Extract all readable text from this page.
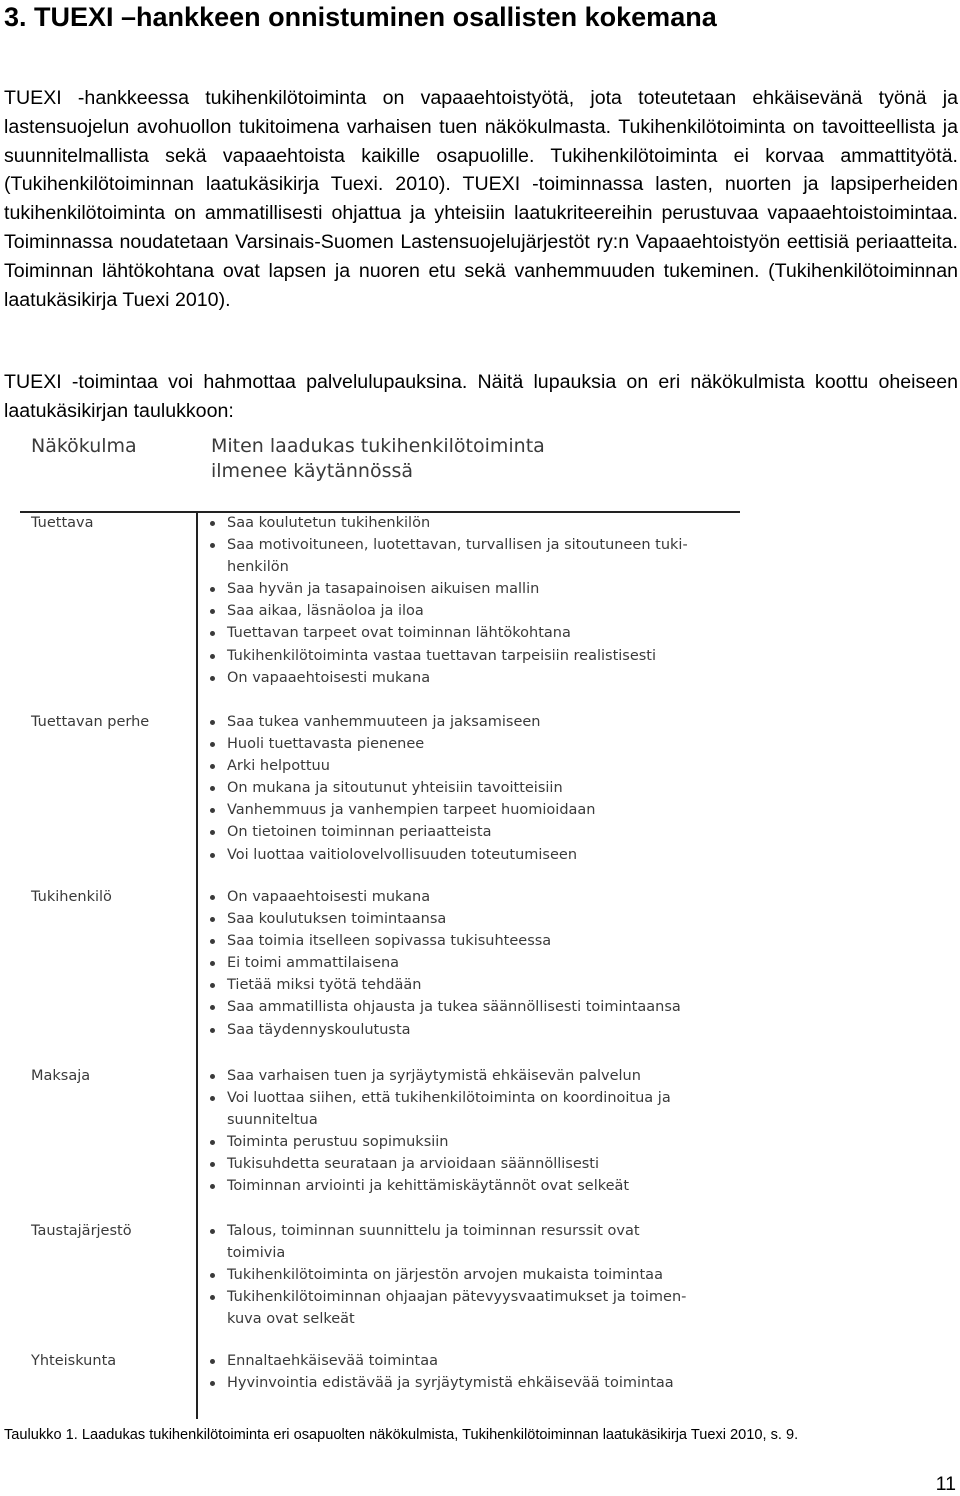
3. TUEXI –hankkeen onnistuminen osallisten kokemana

TUEXI -hankkeessa tukihenkilötoiminta on vapaaehtoistyötä, jota toteutetaan ehkäisevänä työnä ja lastensuojelun avohuollon tukitoimena varhaisen tuen näkökulmasta. Tukihenkilötoiminta on tavoitteellista ja suunnitelmallista sekä vapaaehtoista kaikille osapuolille. Tukihenkilötoiminta ei korvaa ammattityötä. (Tukihenkilötoiminnan laatukäsikirja Tuexi. 2010). TUEXI -toiminnassa lasten, nuorten ja lapsiperheiden tukihenkilötoiminta on ammatillisesti ohjattua ja yhteisiin laatukriteereihin perustuvaa vapaaehtoistoimintaa. Toiminnassa noudatetaan Varsinais-Suomen Lastensuojelujärjestöt ry:n Vapaaehtoistyön eettisiä periaatteita. Toiminnan lähtökohtana ovat lapsen ja nuoren etu sekä vanhemmuuden tukeminen. (Tukihenkilötoiminnan laatukäsikirja Tuexi 2010).

TUEXI -toimintaa voi hahmottaa palvelulupauksina. Näitä lupauksia on eri näkökulmista koottu oheiseen laatukäsikirjan taulukkoon:

Näkökulma	Miten laadukas tukihenkilötoiminta ilmenee käytännössä
Tuettava	Saa koulutetun tukihenkilön
Saa motivoituneen, luotettavan, turvallisen ja sitoutuneen tukihenkilön
Saa hyvän ja tasapainoisen aikuisen mallin
Saa aikaa, läsnäoloa ja iloa
Tuettavan tarpeet ovat toiminnan lähtökohtana
Tukihenkilötoiminta vastaa tuettavan tarpeisiin realistisesti
On vapaaehtoisesti mukana
Tuettavan perhe	Saa tukea vanhemmuuteen ja jaksamiseen
Huoli tuettavasta pienenee
Arki helpottuu
On mukana ja sitoutunut yhteisiin tavoitteisiin
Vanhemmuus ja vanhempien tarpeet huomioidaan
On tietoinen toiminnan periaatteista
Voi luottaa vaitiolovelvollisuuden toteutumiseen
Tukihenkilö	On vapaaehtoisesti mukana
Saa koulutuksen toimintaansa
Saa toimia itselleen sopivassa tukisuhteessa
Ei toimi ammattilaisena
Tietää miksi työtä tehdään
Saa ammatillista ohjausta ja tukea säännöllisesti toimintaansa
Saa täydennyskoulutusta
Maksaja	Saa varhaisen tuen ja syrjäytymistä ehkäisevän palvelun
Voi luottaa siihen, että tukihenkilötoiminta on koordinoitua ja suunniteltua
Toiminta perustuu sopimuksiin
Tukisuhdetta seurataan ja arvioidaan säännöllisesti
Toiminnan arviointi ja kehittämiskäytännöt ovat selkeät
Taustajärjestö	Talous, toiminnan suunnittelu ja toiminnan resurssit ovat toimivia
Tukihenkilötoiminta on järjestön arvojen mukaista toimintaa
Tukihenkilötoiminnan ohjaajan pätevyysvaatimukset ja toimenkuva ovat selkeät
Yhteiskunta	Ennaltaehkäisevää toimintaa
Hyvinvointia edistävää ja syrjäytymistä ehkäisevää toimintaa

Taulukko 1. Laadukas tukihenkilötoiminta eri osapuolten näkökulmista, Tukihenkilötoiminnan laatukäsikirja Tuexi 2010, s. 9.

11
